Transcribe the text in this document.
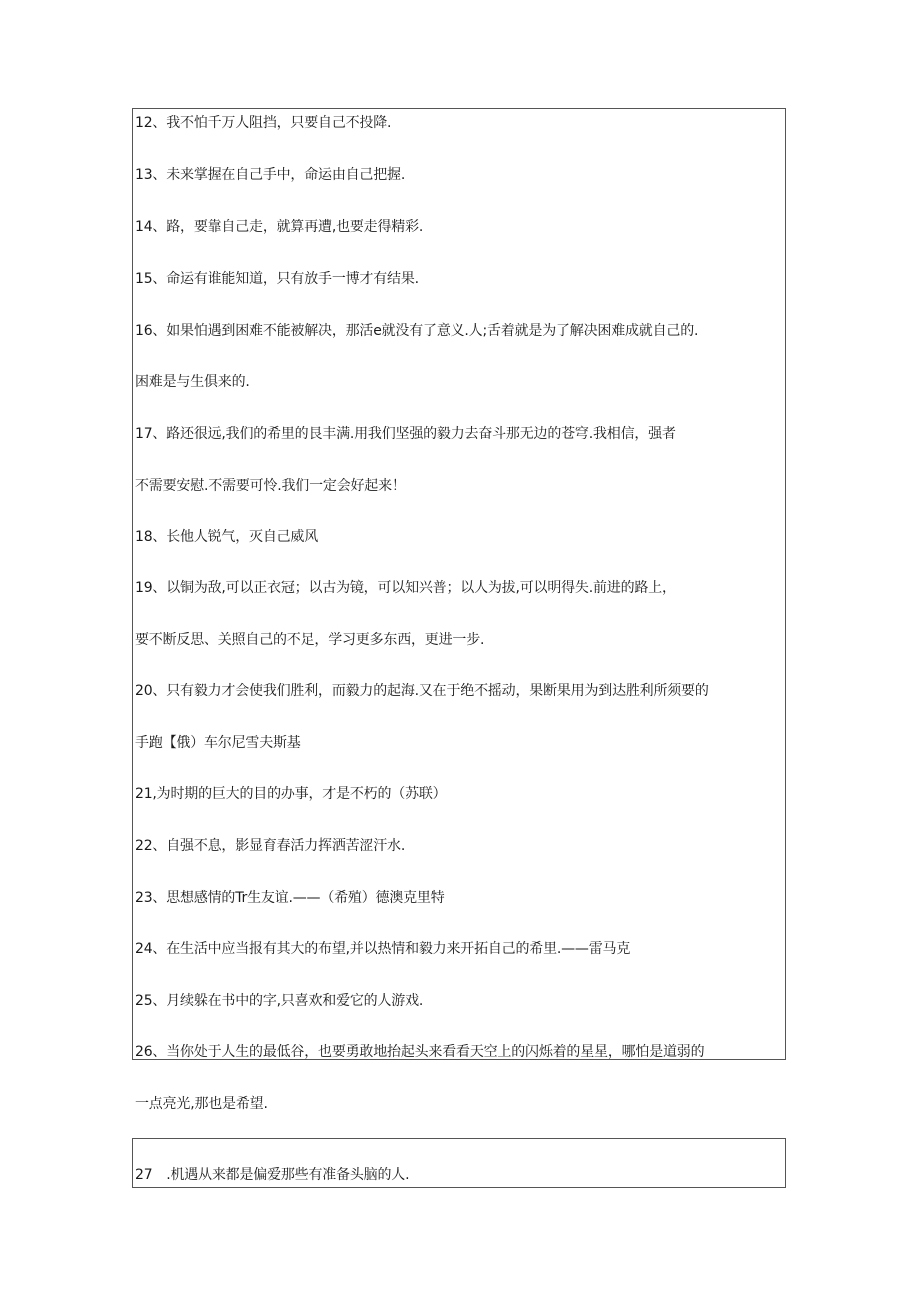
12、我不怕千万人阻挡，只要自己不投降.
13、未来掌握在自己手中，命运由自己把握.
14、路，要靠自己走，就算再遭,也要走得精彩.
15、命运有谁能知道，只有放手一博才有结果.
16、如果怕遇到困难不能被解决，那活e就没有了意义.人;舌着就是为了解决困难成就自己的.
困难是与生俱来的.
17、路还很远,我们的希里的艮丰满.用我们坚强的毅力去奋斗那无边的苍穹.我相信，强者
不需要安慰.不需要可怜.我们一定会好起来！
18、长他人锐气，灭自己威风
19、以铜为敌,可以正衣冠；以古为镜，可以知兴普；以人为拔,可以明得失.前进的路上，
要不断反思、关照自己的不足，学习更多东西，更进一步.
20、只有毅力才会使我们胜利，而毅力的起海.又在于绝不摇动，果断果用为到达胜利所须要的
手跑【俄）车尔尼雪夫斯基
21,为时期的巨大的目的办事，才是不朽的（苏联）
22、自强不息，影显育春活力挥洒苦涩汗水.
23、思想感情的Tr生友谊.——（希殖）德澳克里特
24、在生活中应当报有其大的布望,并以热情和毅力来开拓自己的希里.——雷马克
25、月续躲在书中的字,只喜欢和爱它的人游戏.
26、当你处于人生的最低谷，也要勇敢地抬起头来看看天空上的闪烁着的星星，哪怕是道弱的
一点亮光,那也是希望.
27　.机遇从来都是偏爱那些有准备头脑的人.
